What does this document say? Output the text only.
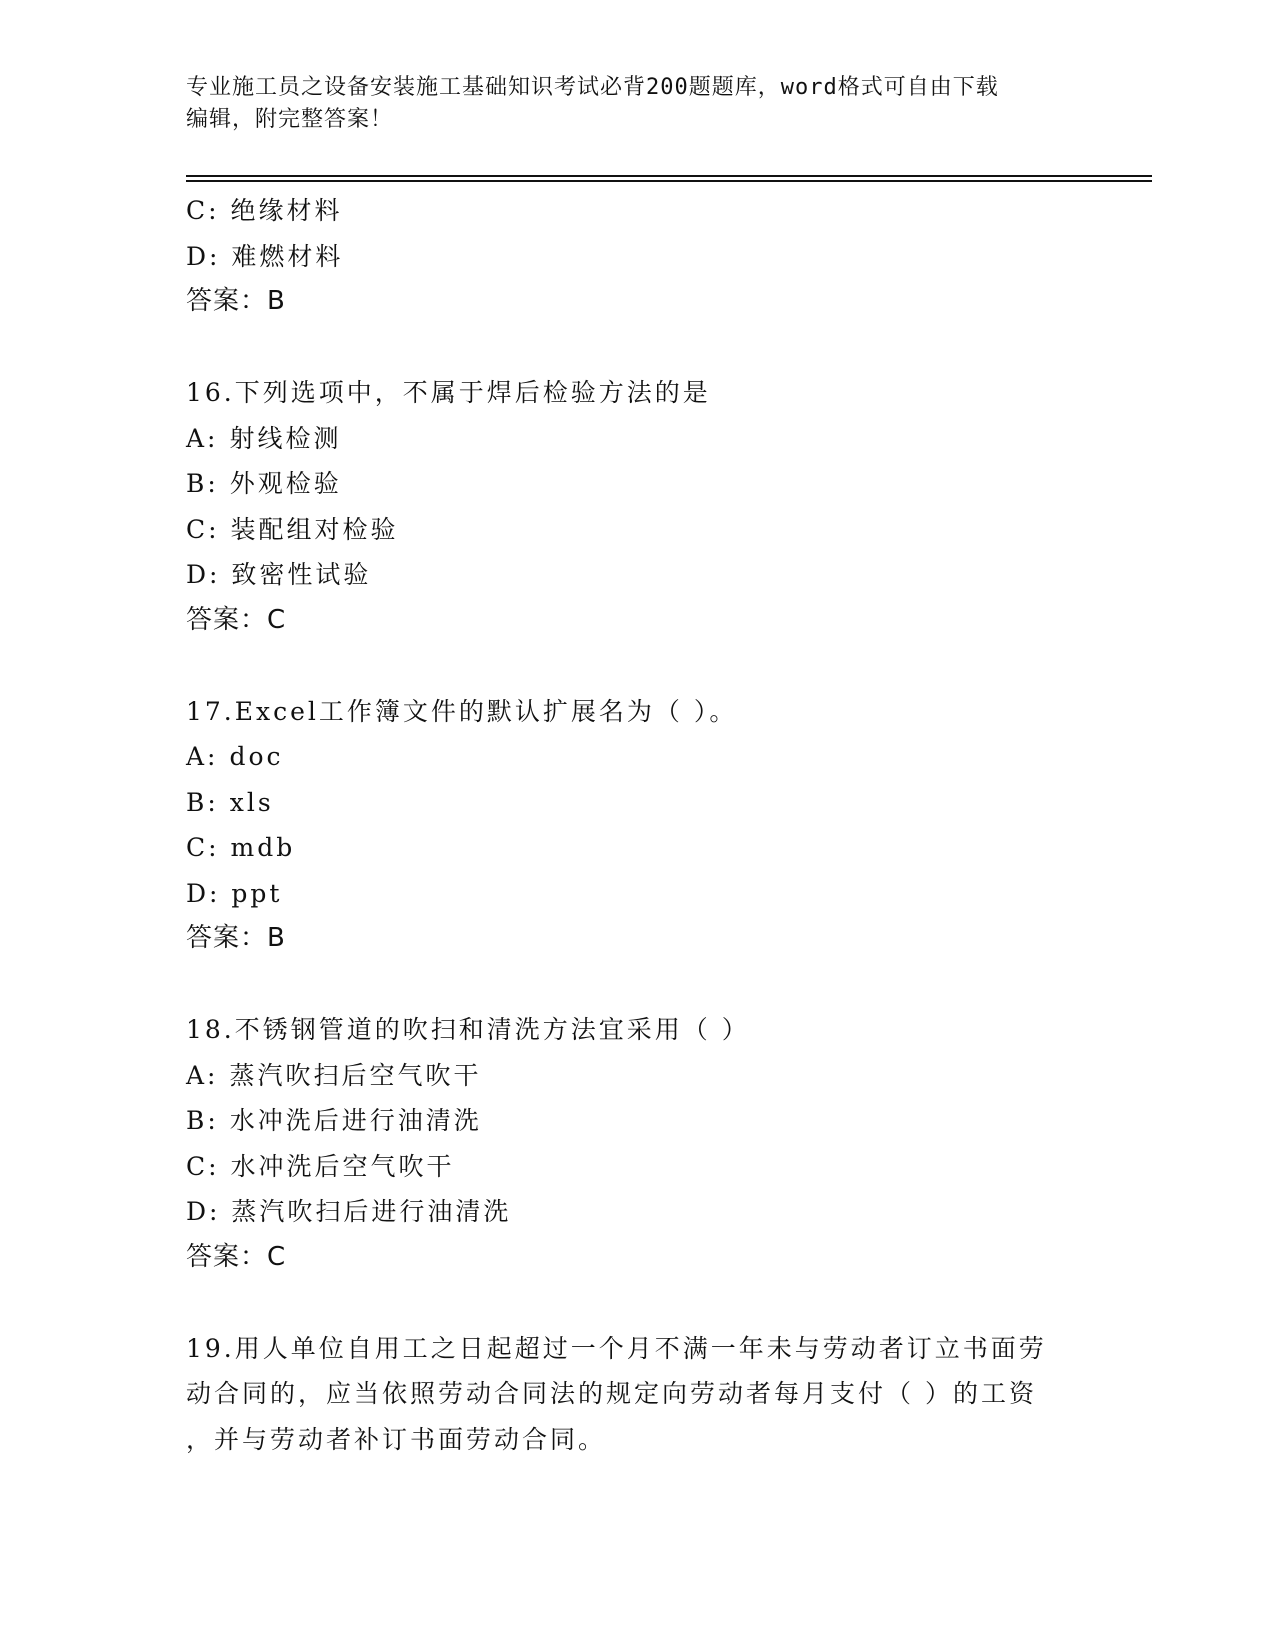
专业施工员之设备安装施工基础知识考试必背200题题库，word格式可自由下载
编辑，附完整答案！
C: 绝缘材料
D: 难燃材料
答案：B
16.下列选项中，不属于焊后检验方法的是
A: 射线检测
B: 外观检验
C: 装配组对检验
D: 致密性试验
答案：C
17.Excel工作簿文件的默认扩展名为（ ）。
A: doc
B: xls
C: mdb
D: ppt
答案：B
18.不锈钢管道的吹扫和清洗方法宜采用（ ）
A: 蒸汽吹扫后空气吹干
B: 水冲洗后进行油清洗
C: 水冲洗后空气吹干
D: 蒸汽吹扫后进行油清洗
答案：C
19.用人单位自用工之日起超过一个月不满一年未与劳动者订立书面劳
动合同的，应当依照劳动合同法的规定向劳动者每月支付（ ）的工资
，并与劳动者补订书面劳动合同。
